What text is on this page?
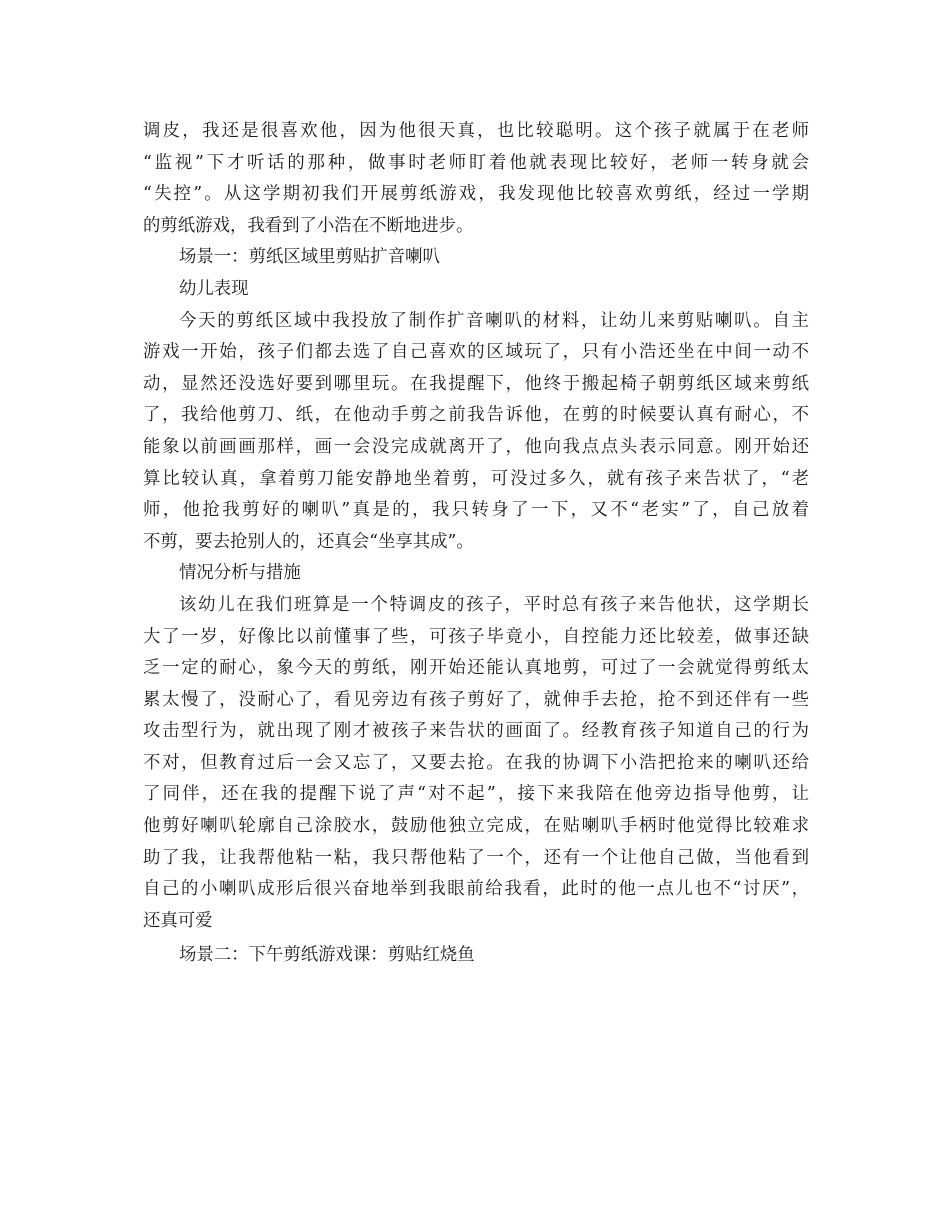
调皮，我还是很喜欢他，因为他很天真，也比较聪明。这个孩子就属于在老师
“监视”下才听话的那种，做事时老师盯着他就表现比较好，老师一转身就会
“失控”。从这学期初我们开展剪纸游戏，我发现他比较喜欢剪纸，经过一学期
的剪纸游戏，我看到了小浩在不断地进步。
场景一：剪纸区域里剪贴扩音喇叭
幼儿表现
今天的剪纸区域中我投放了制作扩音喇叭的材料，让幼儿来剪贴喇叭。自主
游戏一开始，孩子们都去选了自己喜欢的区域玩了，只有小浩还坐在中间一动不
动，显然还没选好要到哪里玩。在我提醒下，他终于搬起椅子朝剪纸区域来剪纸
了，我给他剪刀、纸，在他动手剪之前我告诉他，在剪的时候要认真有耐心，不
能象以前画画那样，画一会没完成就离开了，他向我点点头表示同意。刚开始还
算比较认真，拿着剪刀能安静地坐着剪，可没过多久，就有孩子来告状了，“老
师，他抢我剪好的喇叭”真是的，我只转身了一下，又不“老实”了，自己放着
不剪，要去抢别人的，还真会“坐享其成”。
情况分析与措施
该幼儿在我们班算是一个特调皮的孩子，平时总有孩子来告他状，这学期长
大了一岁，好像比以前懂事了些，可孩子毕竟小，自控能力还比较差，做事还缺
乏一定的耐心，象今天的剪纸，刚开始还能认真地剪，可过了一会就觉得剪纸太
累太慢了，没耐心了，看见旁边有孩子剪好了，就伸手去抢，抢不到还伴有一些
攻击型行为，就出现了刚才被孩子来告状的画面了。经教育孩子知道自己的行为
不对，但教育过后一会又忘了，又要去抢。在我的协调下小浩把抢来的喇叭还给
了同伴，还在我的提醒下说了声“对不起”，接下来我陪在他旁边指导他剪，让
他剪好喇叭轮廓自己涂胶水，鼓励他独立完成，在贴喇叭手柄时他觉得比较难求
助了我，让我帮他粘一粘，我只帮他粘了一个，还有一个让他自己做，当他看到
自己的小喇叭成形后很兴奋地举到我眼前给我看，此时的他一点儿也不“讨厌”，
还真可爱
场景二：下午剪纸游戏课：剪贴红烧鱼
